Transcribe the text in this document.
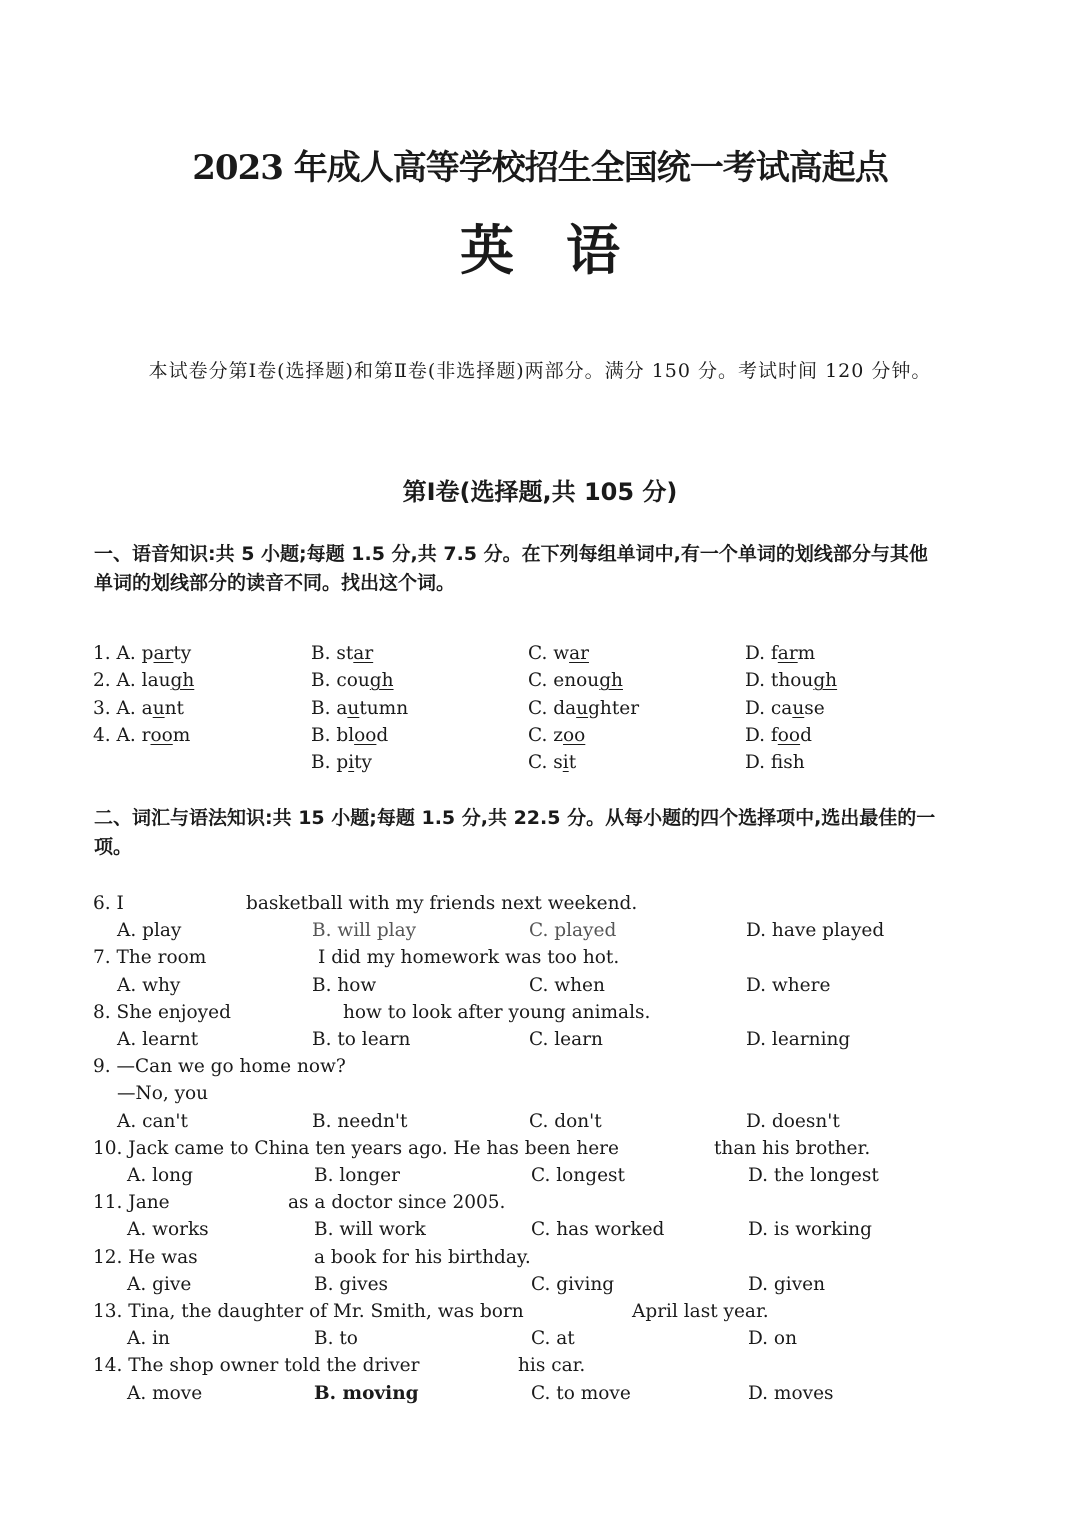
2023 年成人高等学校招生全国统一考试高起点
英 语
本试卷分第Ⅰ卷(选择题)和第Ⅱ卷(非选择题)两部分。满分 150 分。考试时间 120 分钟。
第Ⅰ卷(选择题,共 105 分)
一、语音知识:共 5 小题;每题 1.5 分,共 7.5 分。在下列每组单词中,有一个单词的划线部分与其他
单词的划线部分的读音不同。找出这个词。
1. A. party	B. star	C. war	D. farm
2. A. laugh	B. cough	C. enough	D. though
3. A. aunt	B. autumn	C. daughter	D. cause
4. A. room	B. blood	C. zoo	D. food
B. pity	C. sit	D. fsh
二、词汇与语法知识:共 15 小题;每题 1.5 分,共 22.5 分。从每小题的四个选择项中,选出最佳的一
项。
6. I	basketball with my friends next weekend.
A. play	B. will play	C. played	D. have played
7. The room	I did my homework was too hot.
A. why	B. how	C. when	D. where
8. She enjoyed	how to look after young animals.
A. learnt	B. to learn	C. learn	D. learning
9. —Can we go home now?
—No, you
A. can't	B. needn't	C. don't	D. doesn't
10. Jack came to China ten years ago. He has been here	than his brother.
A. long	B. longer	C. longest	D. the longest
11. Jane	as a doctor since 2005.
A. works	B. will work	C. has worked	D. is working
12. He was	a book for his birthday.
A. give	B. gives	C. giving	D. given
13. Tina, the daughter of Mr. Smith, was born	April last year.
A. in	B. to	C. at	D. on
14. The shop owner told the driver	his car.
A. move	B. moving	C. to move	D. moves
